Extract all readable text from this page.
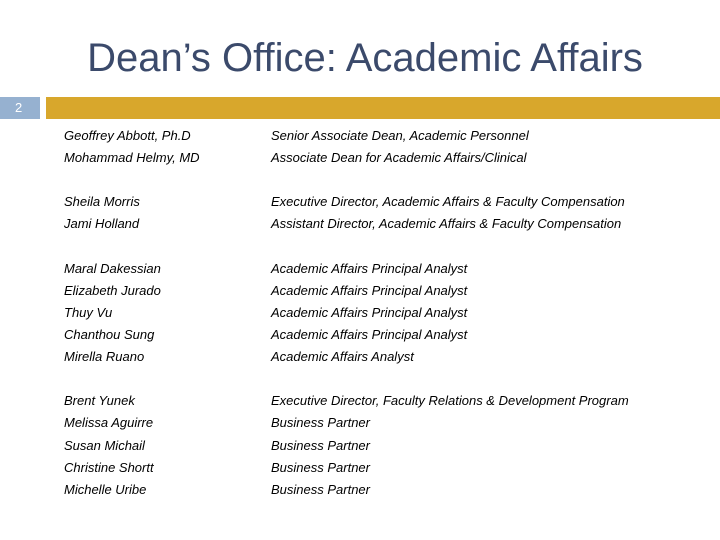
Dean’s Office: Academic Affairs
2
Geoffrey Abbott, Ph.D	Senior Associate Dean, Academic Personnel
Mohammad Helmy, MD	Associate Dean for Academic Affairs/Clinical
Sheila Morris	Executive Director, Academic Affairs & Faculty Compensation
Jami Holland	Assistant Director, Academic Affairs & Faculty Compensation
Maral Dakessian	Academic Affairs Principal Analyst
Elizabeth Jurado	Academic Affairs Principal Analyst
Thuy Vu	Academic Affairs Principal Analyst
Chanthou Sung	Academic Affairs Principal Analyst
Mirella Ruano	Academic Affairs Analyst
Brent Yunek	Executive Director, Faculty Relations & Development Program
Melissa Aguirre	Business Partner
Susan Michail	Business Partner
Christine Shortt	Business Partner
Michelle Uribe	Business Partner
